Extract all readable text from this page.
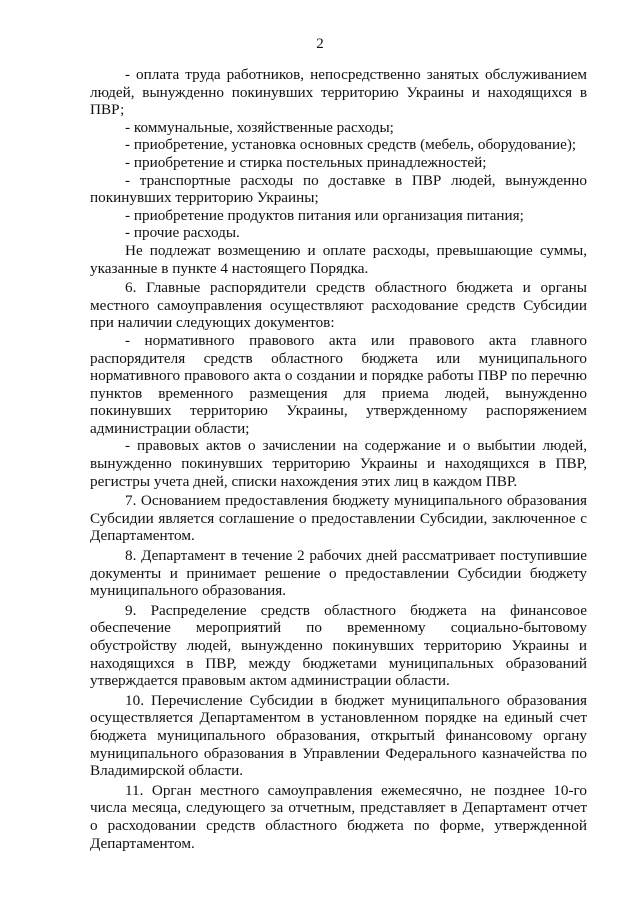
2

- оплата труда работников, непосредственно занятых обслуживанием людей, вынужденно покинувших территорию Украины и находящихся в ПВР;

- коммунальные, хозяйственные расходы;

- приобретение, установка основных средств (мебель, оборудование);

- приобретение и стирка постельных принадлежностей;

- транспортные расходы по доставке в ПВР людей, вынужденно покинувших территорию Украины;

- приобретение продуктов питания или организация питания;

- прочие расходы.

Не подлежат возмещению и оплате расходы, превышающие суммы, указанные в пункте 4 настоящего Порядка.

6. Главные распорядители средств областного бюджета и органы местного самоуправления осуществляют расходование средств Субсидии при наличии следующих документов:

- нормативного правового акта или правового акта главного распорядителя средств областного бюджета или муниципального нормативного правового акта о создании и порядке работы ПВР по перечню пунктов временного размещения для приема людей, вынужденно покинувших территорию Украины, утвержденному распоряжением администрации области;

- правовых актов о зачислении на содержание и о выбытии людей, вынужденно покинувших территорию Украины и находящихся в ПВР, регистры учета дней, списки нахождения этих лиц в каждом ПВР.

7. Основанием предоставления бюджету муниципального образования Субсидии является соглашение о предоставлении Субсидии, заключенное с Департаментом.

8. Департамент в течение 2 рабочих дней рассматривает поступившие документы и принимает решение о предоставлении Субсидии бюджету муниципального образования.

9. Распределение средств областного бюджета на финансовое обеспечение мероприятий по временному социально-бытовому обустройству людей, вынужденно покинувших территорию Украины и находящихся в ПВР, между бюджетами муниципальных образований утверждается правовым актом администрации области.

10. Перечисление Субсидии в бюджет муниципального образования осуществляется Департаментом в установленном порядке на единый счет бюджета муниципального образования, открытый финансовому органу муниципального образования в Управлении Федерального казначейства по Владимирской области.

11. Орган местного самоуправления ежемесячно, не позднее 10-го числа месяца, следующего за отчетным, представляет в Департамент отчет о расходовании средств областного бюджета по форме, утвержденной Департаментом.
